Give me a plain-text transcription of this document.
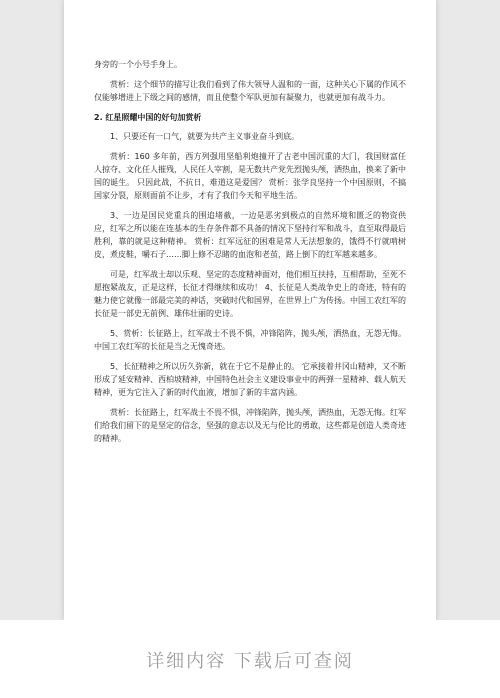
身旁的一个小号手身上。

赏析：这个细节的描写让我们看到了伟大领导人温和的一面，这种关心下属的作风不仅能够增进上下级之间的感情，而且使整个军队更加有凝聚力，也就更加有战斗力。

2. 红星照耀中国的好句加赏析

1、只要还有一口气，就要为共产主义事业奋斗到底。

赏析：160 多年前，西方列强用坚船利炮撞开了古老中国沉重的大门，我国财富任人掠夺、文化任人摧残，人民任人宰割，是无数共产党先烈抛头颅，洒热血，换来了新中国的诞生。 只因此战，不抗日，难道这是爱国？ 赏析：张学良坚持一个中国原则，不搞国家分裂，原则面前不让步，才有了我们今天和平地生活。

3、一边是国民党重兵的围追堵截，一边是恶劣到极点的自然环境和匮乏的物资供应，红军之所以能在连基本的生存条件都不具备的情况下坚持行军和战斗，直至取得最后胜利，靠的就是这种精神。 赏析：红军远征的困难是常人无法想象的，饿得不行就啃树皮，煮皮鞋，嚼石子……脚上修不忍睹的血泡和老茧，路上倒下的红军越来越多。

可是，红军战士却以乐观、坚定的态度精神面对，他们相互扶持，互相帮助，至死不愿抱紧战友，正是这样，长征才得继续和成功！ 4、长征是人类战争史上的奇迹，特有的魅力使它就像一部最完美的神话，突破时代和国界，在世界上广为传扬。中国工农红军的长征是一部史无前例、雄伟壮丽的史诗。

5、赏析：长征路上，红军战士不畏不惧，冲锋陷阵，抛头颅，洒热血，无怨无悔。中国工农红军的长征是当之无愧奇迹。

5、长征精神之所以历久弥新，就在于它不是静止的。 它承接着井冈山精神，又不断形成了延安精神、西柏坡精神，中国特色社会主义建设事业中的两弹一星精神、载人航天精神，更为它注入了新的时代血液，增加了新的丰富内涵。

赏析：长征路上，红军战士不畏不惧，冲锋陷阵，抛头颅，洒热血，无怨无悔。红军们给我们留下的是坚定的信念，坚强的意志以及无与伦比的勇敢，这些都是创造人类奇迹的精神。

详细内容 下载后可查阅
